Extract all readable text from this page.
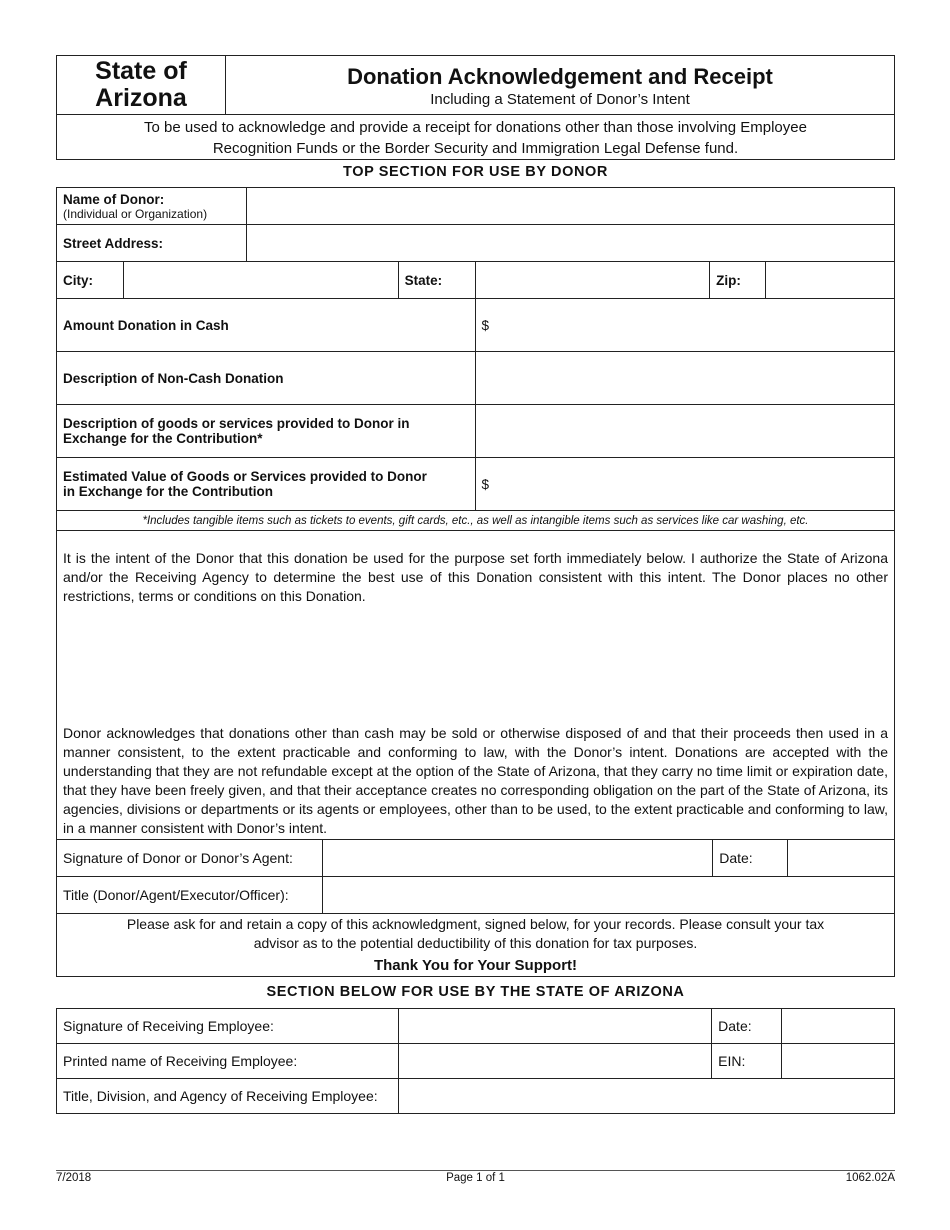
State of
Arizona

Donation Acknowledgement and Receipt
Including a Statement of Donor’s Intent
To be used to acknowledge and provide a receipt for donations other than those involving Employee
Recognition Funds or the Border Security and Immigration Legal Defense fund.
TOP SECTION FOR USE BY DONOR
Name of Donor:
(Individual or Organization)						

Street Address:						
City:			State:		Zip:	
Amount Donation in Cash				$		
Description of Non-Cash Donation						

Description of goods or services provided to Donor in
Exchange for the Contribution*						

Estimated Value of Goods or Services provided to Donor
in Exchange for the Contribution				$		
*Includes tangible items such as tickets to events, gift cards, etc., as well as intangible items such as services like car washing, etc.						
It is the intent of the Donor that this donation be used for the purpose set forth immediately below. I authorize the State of Arizona and/or the Receiving Agency to determine the best use of this Donation consistent with this intent. The Donor places no other restrictions, terms or conditions on this Donation.
Donor acknowledges that donations other than cash may be sold or otherwise disposed of and that their proceeds then used in a manner consistent, to the extent practicable and conforming to law, with the Donor’s intent. Donations are accepted with the understanding that they are not refundable except at the option of the State of Arizona, that they carry no time limit or expiration date, that they have been freely given, and that their acceptance creates no corresponding obligation on the part of the State of Arizona, its agencies, divisions or departments or its agents or employees, other than to be used, to the extent practicable and conforming to law, in a manner consistent with Donor’s intent.
Signature of Donor or Donor’s Agent:		Date:	
Title (Donor/Agent/Executor/Officer):			
Please ask for and retain a copy of this acknowledgment, signed below, for your records. Please consult your tax
advisor as to the potential deductibility of this donation for tax purposes.
Thank You for Your Support!
SECTION BELOW FOR USE BY THE STATE OF ARIZONA
Signature of Receiving Employee:		Date:	
Printed name of Receiving Employee:		EIN:	
Title, Division, and Agency of Receiving Employee:			
7/2018	Page 1 of 1	1062.02A
